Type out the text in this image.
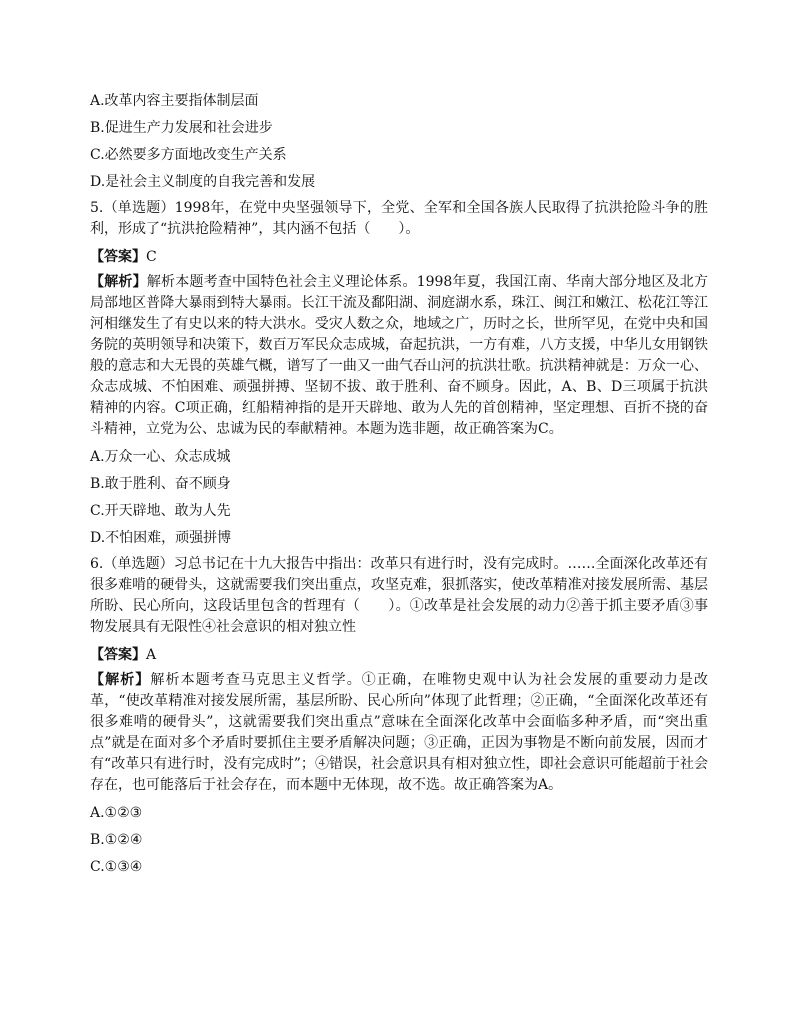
A.改革内容主要指体制层面

B.促进生产力发展和社会进步

C.必然要多方面地改变生产关系

D.是社会主义制度的自我完善和发展

5.（单选题）1998年，在党中央坚强领导下，全党、全军和全国各族人民取得了抗洪抢险斗争的胜利，形成了“抗洪抢险精神”，其内涵不包括（　　）。

【答案】C

【解析】解析本题考查中国特色社会主义理论体系。1998年夏，我国江南、华南大部分地区及北方局部地区普降大暴雨到特大暴雨。长江干流及鄱阳湖、洞庭湖水系，珠江、闽江和嫩江、松花江等江河相继发生了有史以来的特大洪水。受灾人数之众，地域之广，历时之长，世所罕见，在党中央和国务院的英明领导和决策下，数百万军民众志成城，奋起抗洪，一方有难，八方支援，中华儿女用钢铁般的意志和大无畏的英雄气概，谱写了一曲又一曲气吞山河的抗洪壮歌。抗洪精神就是：万众一心、众志成城、不怕困难、顽强拼搏、坚韧不拔、敢于胜利、奋不顾身。因此，A、B、D三项属于抗洪精神的内容。C项正确，红船精神指的是开天辟地、敢为人先的首创精神，坚定理想、百折不挠的奋斗精神，立党为公、忠诚为民的奉献精神。本题为选非题，故正确答案为C。

A.万众一心、众志成城

B.敢于胜利、奋不顾身

C.开天辟地、敢为人先

D.不怕困难，顽强拼博

6.（单选题）习总书记在十九大报告中指出：改革只有进行时，没有完成时。……全面深化改革还有很多难啃的硬骨头，这就需要我们突出重点，攻坚克难，狠抓落实，使改革精准对接发展所需、基层所盼、民心所向，这段话里包含的哲理有（　　）。①改革是社会发展的动力②善于抓主要矛盾③事物发展具有无限性④社会意识的相对独立性

【答案】A

【解析】解析本题考查马克思主义哲学。①正确，在唯物史观中认为社会发展的重要动力是改革，“使改革精准对接发展所需，基层所盼、民心所向”体现了此哲理；②正确，“全面深化改革还有很多难啃的硬骨头”，这就需要我们突出重点”意味在全面深化改革中会面临多种矛盾，而“突出重点”就是在面对多个矛盾时要抓住主要矛盾解决问题；③正确，正因为事物是不断向前发展，因而才有“改革只有进行时，没有完成时”；④错误，社会意识具有相对独立性，即社会意识可能超前于社会存在，也可能落后于社会存在，而本题中无体现，故不选。故正确答案为A。

A.①②③

B.①②④

C.①③④
